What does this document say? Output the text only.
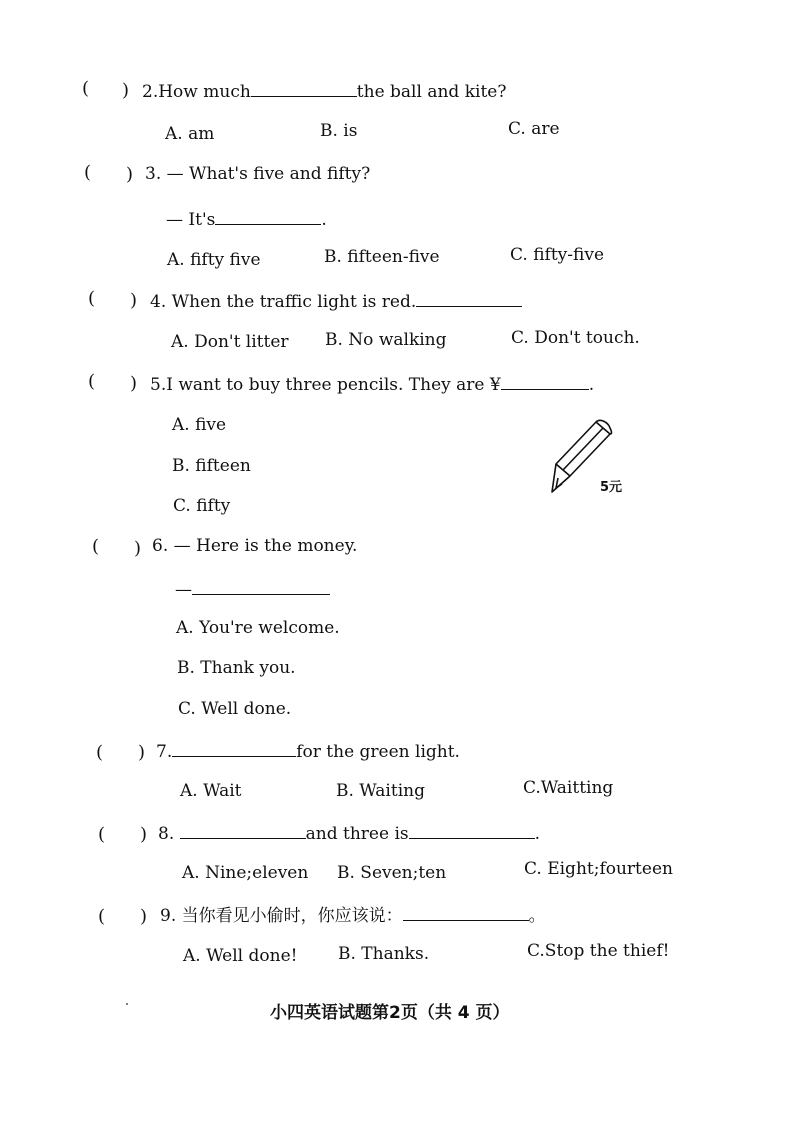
( ) 2.How much	the ball and kite?
A. am	B. is	C. are
( ) 3. — What's five and fifty?
— It's	.
A. fifty five	B. fifteen-five	C. fifty-five
( ) 4. When the traffic light is red.
A. Don't litter B. No walking	C. Don't touch.
( ) 5.I want to buy three pencils. They are ¥	.
A. five
B. fifteen
C. fifty
5元
( ) 6. — Here is the money.
—
A. You're welcome.
B. Thank you.
C. Well done.
( ) 7.	for the green light.
A. Wait	B. Waiting	C.Waitting
( ) 8.	and three is	.
A. Nine;eleven B. Seven;ten	C. Eight;fourteen
( ) 9. 当你看见小偷时，你应该说：	。
A. Well done! B. Thanks.	C.Stop the thief!
小四英语试题第2页（共 4 页）
